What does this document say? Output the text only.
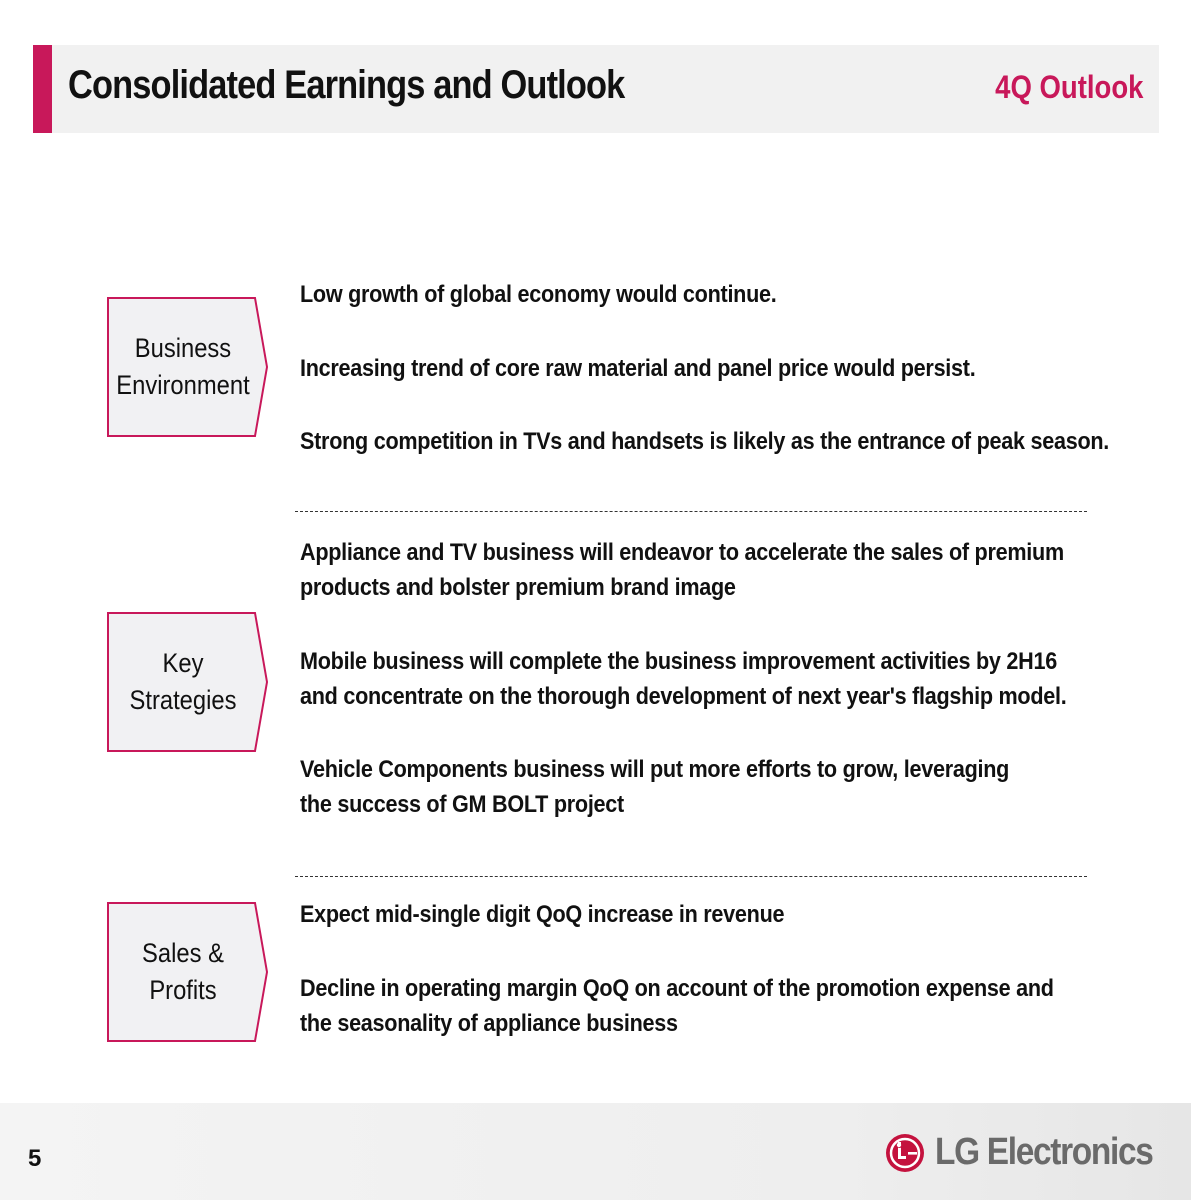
Consolidated Earnings and Outlook	4Q Outlook
Business
Environment
Low growth of global economy would continue.
Increasing trend of core raw material and panel price would persist.
Strong competition in TVs and handsets is likely as the entrance of peak season.
Key
Strategies
Appliance and TV business will endeavor to accelerate the sales of premium
products and bolster premium brand image
Mobile business will complete the business improvement activities by 2H16
and concentrate on the thorough development of next year's flagship model.
Vehicle Components business will put more efforts to grow, leveraging
the success of GM BOLT project
Sales &
Profits
Expect mid-single digit QoQ increase in revenue
Decline in operating margin QoQ on account of the promotion expense and
the seasonality of appliance business
5	LG Electronics
